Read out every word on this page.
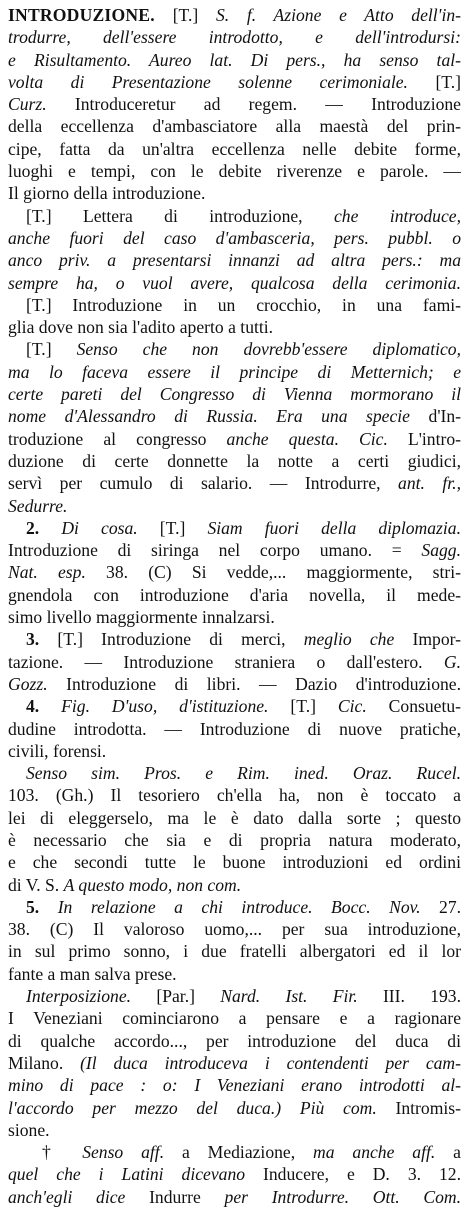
INTRODUZIONE. [T.] S. f. Azione e Atto dell'in-
trodurre, dell'essere introdotto, e dell'introdursi:
e Risultamento. Aureo lat. Di pers., ha senso tal-
volta di Presentazione solenne cerimoniale. [T.]
Curz. Introduceretur ad regem. — Introduzione
della eccellenza d'ambasciatore alla maestà del prin-
cipe, fatta da un'altra eccellenza nelle debite forme,
luoghi e tempi, con le debite riverenze e parole. —
Il giorno della introduzione.
[T.] Lettera di introduzione, che introduce,
anche fuori del caso d'ambasceria, pers. pubbl. o
anco priv. a presentarsi innanzi ad altra pers.: ma
sempre ha, o vuol avere, qualcosa della cerimonia.
[T.] Introduzione in un crocchio, in una fami-
glia dove non sia l'adito aperto a tutti.
[T.] Senso che non dovrebb'essere diplomatico,
ma lo faceva essere il principe di Metternich; e
certe pareti del Congresso di Vienna mormorano il
nome d'Alessandro di Russia. Era una specie d'In-
troduzione al congresso anche questa. Cic. L'intro-
duzione di certe donnette la notte a certi giudici,
servì per cumulo di salario. — Introdurre, ant. fr.,
Sedurre.
2. Di cosa. [T.] Siam fuori della diplomazia.
Introduzione di siringa nel corpo umano. = Sagg.
Nat. esp. 38. (C) Si vedde,... maggiormente, stri-
gnendola con introduzione d'aria novella, il mede-
simo livello maggiormente innalzarsi.
3. [T.] Introduzione di merci, meglio che Impor-
tazione. — Introduzione straniera o dall'estero. G.
Gozz. Introduzione di libri. — Dazio d'introduzione.
4. Fig. D'uso, d'istituzione. [T.] Cic. Consuetu-
dudine introdotta. — Introduzione di nuove pratiche,
civili, forensi.
Senso sim. Pros. e Rim. ined. Oraz. Rucel.
103. (Gh.) Il tesoriero ch'ella ha, non è toccato a
lei di eleggerselo, ma le è dato dalla sorte ; questo
è necessario che sia e di propria natura moderato,
e che secondi tutte le buone introduzioni ed ordini
di V. S. A questo modo, non com.
5. In relazione a chi introduce. Bocc. Nov. 27.
38. (C) Il valoroso uomo,... per sua introduzione,
in sul primo sonno, i due fratelli albergatori ed il lor
fante a man salva prese.
Interposizione. [Par.] Nard. Ist. Fir. III. 193.
I Veneziani cominciarono a pensare e a ragionare
di qualche accordo..., per introduzione del duca di
Milano. (Il duca introduceva i contendenti per cam-
mino di pace : o: I Veneziani erano introdotti al-
l'accordo per mezzo del duca.) Più com. Intromis-
sione.
† Senso aff. a Mediazione, ma anche aff. a
quel che i Latini dicevano Inducere, e D. 3. 12.
anch'egli dice Indurre per Introdurre. Ott. Com.
